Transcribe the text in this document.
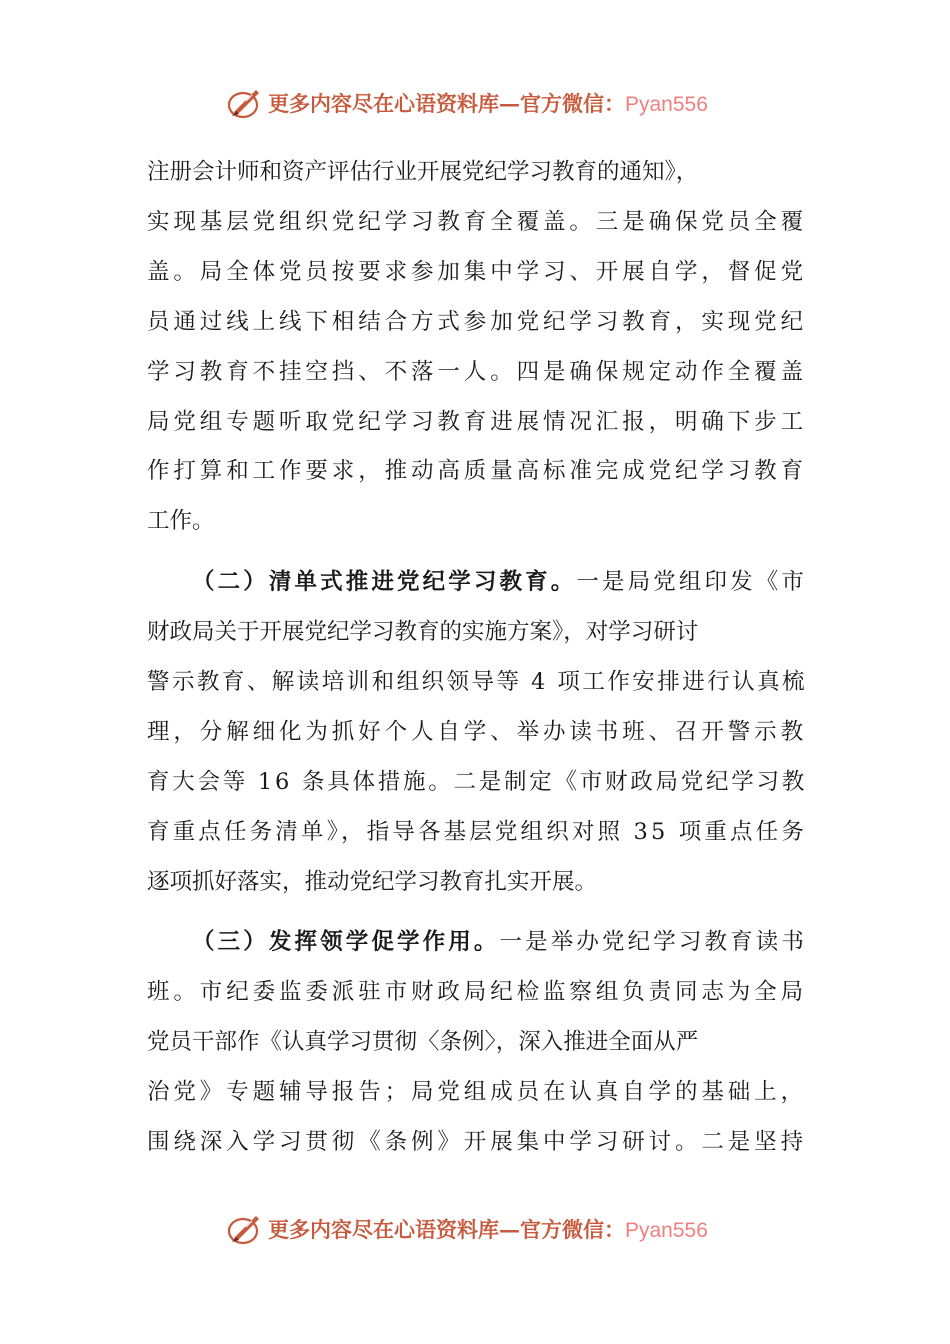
更多内容尽在心语资料库—官方微信：Pyan556
注册会计师和资产评估行业开展党纪学习教育的通知》，
实现基层党组织党纪学习教育全覆盖。三是确保党员全覆
盖。局全体党员按要求参加集中学习、开展自学，督促党
员通过线上线下相结合方式参加党纪学习教育，实现党纪
学习教育不挂空挡、不落一人。四是确保规定动作全覆盖
局党组专题听取党纪学习教育进展情况汇报，明确下步工
作打算和工作要求，推动高质量高标准完成党纪学习教育
工作。
（二）清单式推进党纪学习教育。一是局党组印发《市
财政局关于开展党纪学习教育的实施方案》，对学习研讨
警示教育、解读培训和组织领导等 4 项工作安排进行认真梳
理，分解细化为抓好个人自学、举办读书班、召开警示教
育大会等 16 条具体措施。二是制定《市财政局党纪学习教
育重点任务清单》，指导各基层党组织对照 35 项重点任务
逐项抓好落实，推动党纪学习教育扎实开展。
（三）发挥领学促学作用。一是举办党纪学习教育读书
班。市纪委监委派驻市财政局纪检监察组负责同志为全局
党员干部作《认真学习贯彻〈条例〉，深入推进全面从严
治党》专题辅导报告；局党组成员在认真自学的基础上，
围绕深入学习贯彻《条例》开展集中学习研讨。二是坚持
更多内容尽在心语资料库—官方微信：Pyan556
